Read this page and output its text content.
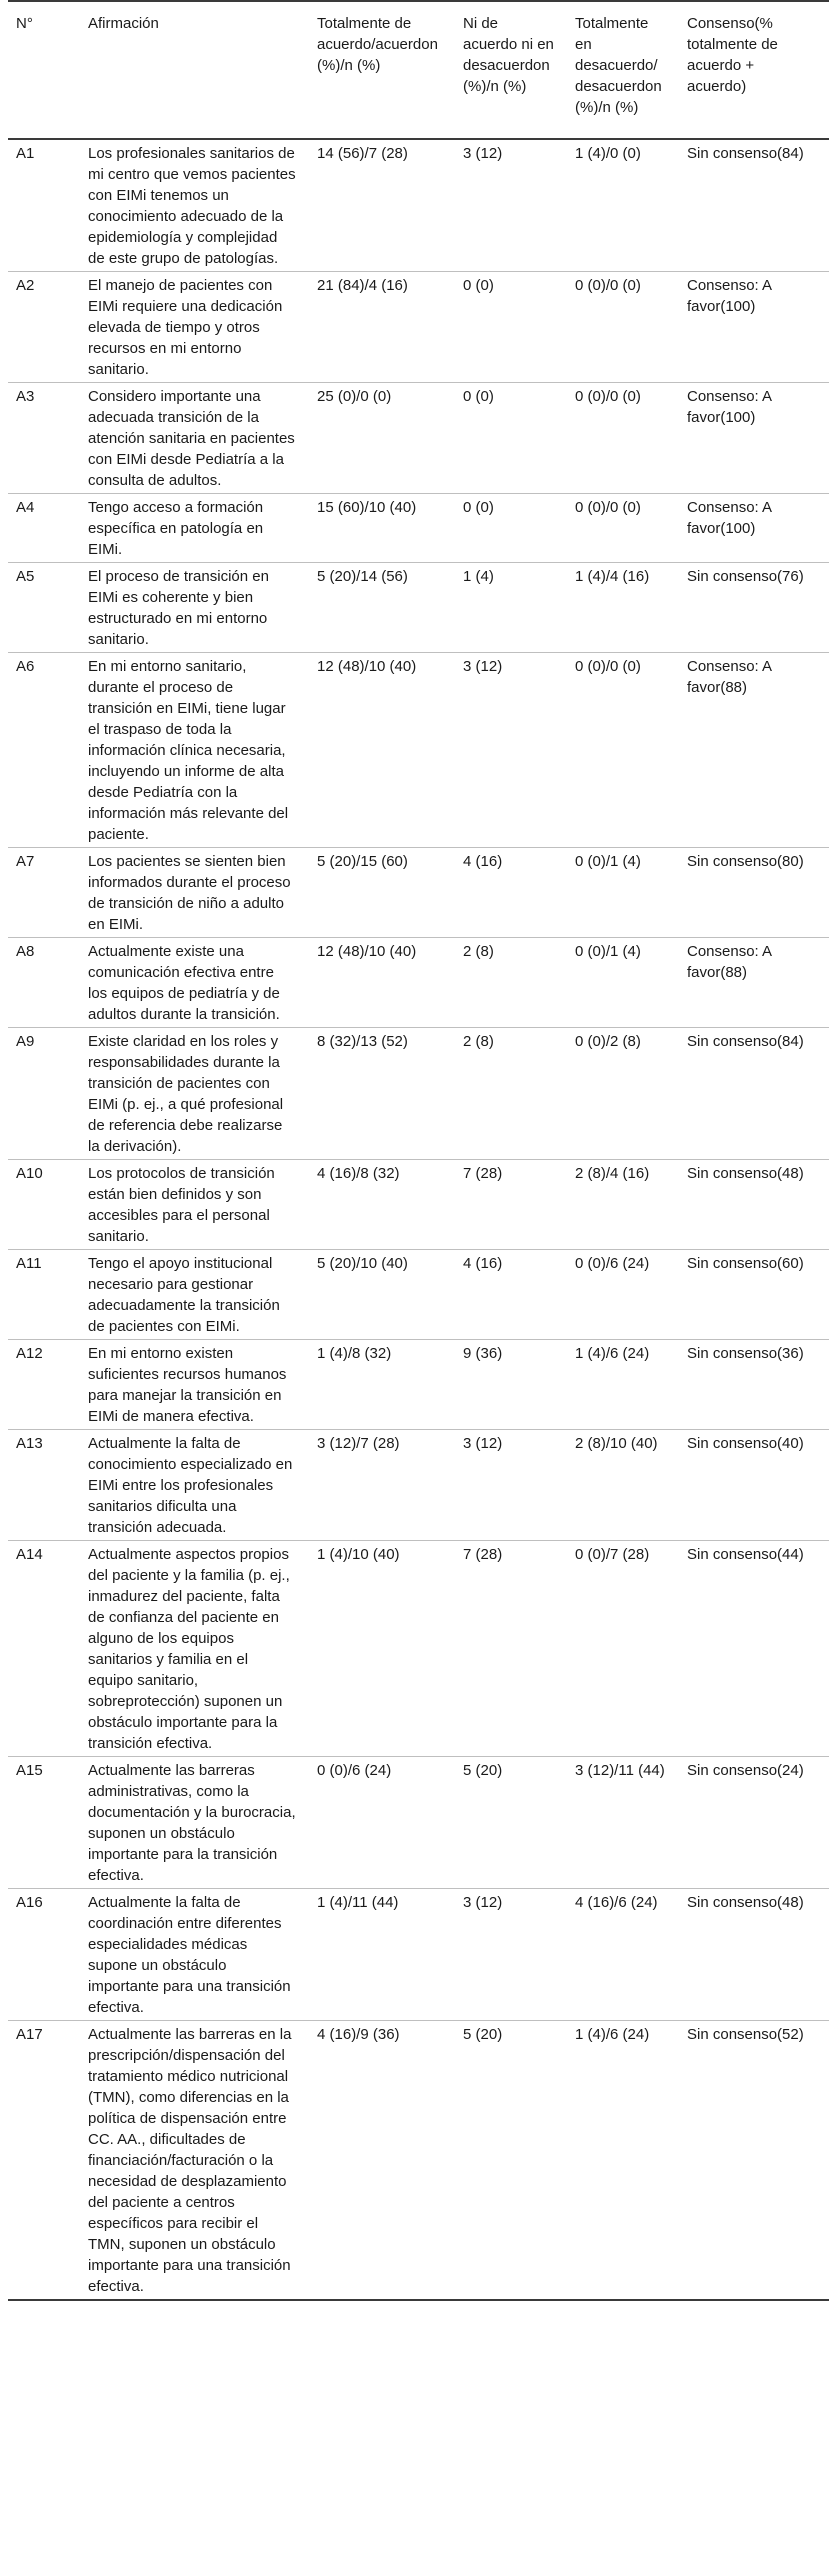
N°	Afirmación	Totalmente de acuerdo/acuerdon (%)/n (%)	Ni de acuerdo ni en desacuerdon (%)/n (%)	Totalmente en desacuerdo/ desacuerdon (%)/n (%)	Consenso(% totalmente de acuerdo + acuerdo)
A1	Los profesionales sanitarios de mi centro que vemos pacientes con EIMi tenemos un conocimiento adecuado de la epidemiología y complejidad de este grupo de patologías.	14 (56)/7 (28)	3 (12)	1 (4)/0 (0)	Sin consenso(84)
A2	El manejo de pacientes con EIMi requiere una dedicación elevada de tiempo y otros recursos en mi entorno sanitario.	21 (84)/4 (16)	0 (0)	0 (0)/0 (0)	Consenso: A favor(100)
A3	Considero importante una adecuada transición de la atención sanitaria en pacientes con EIMi desde Pediatría a la consulta de adultos.	25 (0)/0 (0)	0 (0)	0 (0)/0 (0)	Consenso: A favor(100)
A4	Tengo acceso a formación específica en patología en EIMi.	15 (60)/10 (40)	0 (0)	0 (0)/0 (0)	Consenso: A favor(100)
A5	El proceso de transición en EIMi es coherente y bien estructurado en mi entorno sanitario.	5 (20)/14 (56)	1 (4)	1 (4)/4 (16)	Sin consenso(76)
A6	En mi entorno sanitario, durante el proceso de transición en EIMi, tiene lugar el traspaso de toda la información clínica necesaria, incluyendo un informe de alta desde Pediatría con la información más relevante del paciente.	12 (48)/10 (40)	3 (12)	0 (0)/0 (0)	Consenso: A favor(88)
A7	Los pacientes se sienten bien informados durante el proceso de transición de niño a adulto en EIMi.	5 (20)/15 (60)	4 (16)	0 (0)/1 (4)	Sin consenso(80)
A8	Actualmente existe una comunicación efectiva entre los equipos de pediatría y de adultos durante la transición.	12 (48)/10 (40)	2 (8)	0 (0)/1 (4)	Consenso: A favor(88)
A9	Existe claridad en los roles y responsabilidades durante la transición de pacientes con EIMi (p. ej., a qué profesional de referencia debe realizarse la derivación).	8 (32)/13 (52)	2 (8)	0 (0)/2 (8)	Sin consenso(84)
A10	Los protocolos de transición están bien definidos y son accesibles para el personal sanitario.	4 (16)/8 (32)	7 (28)	2 (8)/4 (16)	Sin consenso(48)
A11	Tengo el apoyo institucional necesario para gestionar adecuadamente la transición de pacientes con EIMi.	5 (20)/10 (40)	4 (16)	0 (0)/6 (24)	Sin consenso(60)
A12	En mi entorno existen suficientes recursos humanos para manejar la transición en EIMi de manera efectiva.	1 (4)/8 (32)	9 (36)	1 (4)/6 (24)	Sin consenso(36)
A13	Actualmente la falta de conocimiento especializado en EIMi entre los profesionales sanitarios dificulta una transición adecuada.	3 (12)/7 (28)	3 (12)	2 (8)/10 (40)	Sin consenso(40)
A14	Actualmente aspectos propios del paciente y la familia (p. ej., inmadurez del paciente, falta de confianza del paciente en alguno de los equipos sanitarios y familia en el equipo sanitario, sobreprotección) suponen un obstáculo importante para la transición efectiva.	1 (4)/10 (40)	7 (28)	0 (0)/7 (28)	Sin consenso(44)
A15	Actualmente las barreras administrativas, como la documentación y la burocracia, suponen un obstáculo importante para la transición efectiva.	0 (0)/6 (24)	5 (20)	3 (12)/11 (44)	Sin consenso(24)
A16	Actualmente la falta de coordinación entre diferentes especialidades médicas supone un obstáculo importante para una transición efectiva.	1 (4)/11 (44)	3 (12)	4 (16)/6 (24)	Sin consenso(48)
A17	Actualmente las barreras en la prescripción/dispensación del tratamiento médico nutricional (TMN), como diferencias en la política de dispensación entre CC. AA., dificultades de financiación/facturación o la necesidad de desplazamiento del paciente a centros específicos para recibir el TMN, suponen un obstáculo importante para una transición efectiva.	4 (16)/9 (36)	5 (20)	1 (4)/6 (24)	Sin consenso(52)
